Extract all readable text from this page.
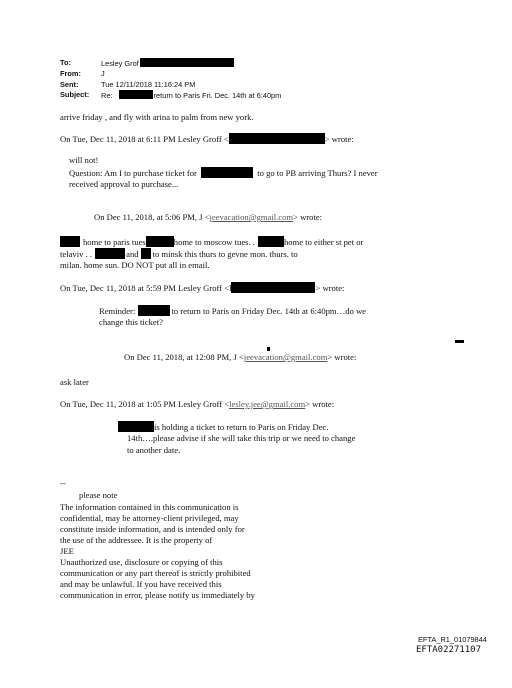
To:	Lesley Grof
From:	J
Sent:	Tue 12/11/2018 11:16:24 PM
Subject: Re:	return to Paris Fri. Dec. 14th at 6:40pm
arrive friday , and fly with arina to palm from new york.
On Tue, Dec 11, 2018 at 6:11 PM Lesley Groff <	> wrote:
will not!
Question: Am I to purchase ticket for	to go to PB arriving Thurs? I never
received approval to purchase...
On Dec 11, 2018, at 5:06 PM, J <jeevacation@gmail.com> wrote:
home to paris tues	home to moscow tues. .	home to either st pet or
telaviv . .	and to minsk this thurs to gevne mon. thurs. to
milan. home sun. DO NOT put all in email.
On Tue, Dec 11, 2018 at 5:59 PM Lesley Groff <l	> wrote:
Reminder:	to return to Paris on Friday Dec. 14th at 6:40pm…do we
change this ticket?
On Dec 11, 2018, at 12:08 PM, J <jeevacation@gmail.com> wrote:
ask later
On Tue, Dec 11, 2018 at 1:05 PM Lesley Groff <lesley.jee@gmail.com> wrote:
is holding a ticket to return to Paris on Friday Dec.
14th….please advise if she will take this trip or we need to change
to another date.
--
please note
The information contained in this communication is
confidential, may be attorney-client privileged, may
constitute inside information, and is intended only for
the use of the addressee. It is the property of
JEE
Unauthorized use, disclosure or copying of this
communication or any part thereof is strictly prohibited
and may be unlawful. If you have received this
communication in error, please notify us immediately by
EFTA_R1_01079844
EFTA02271107
